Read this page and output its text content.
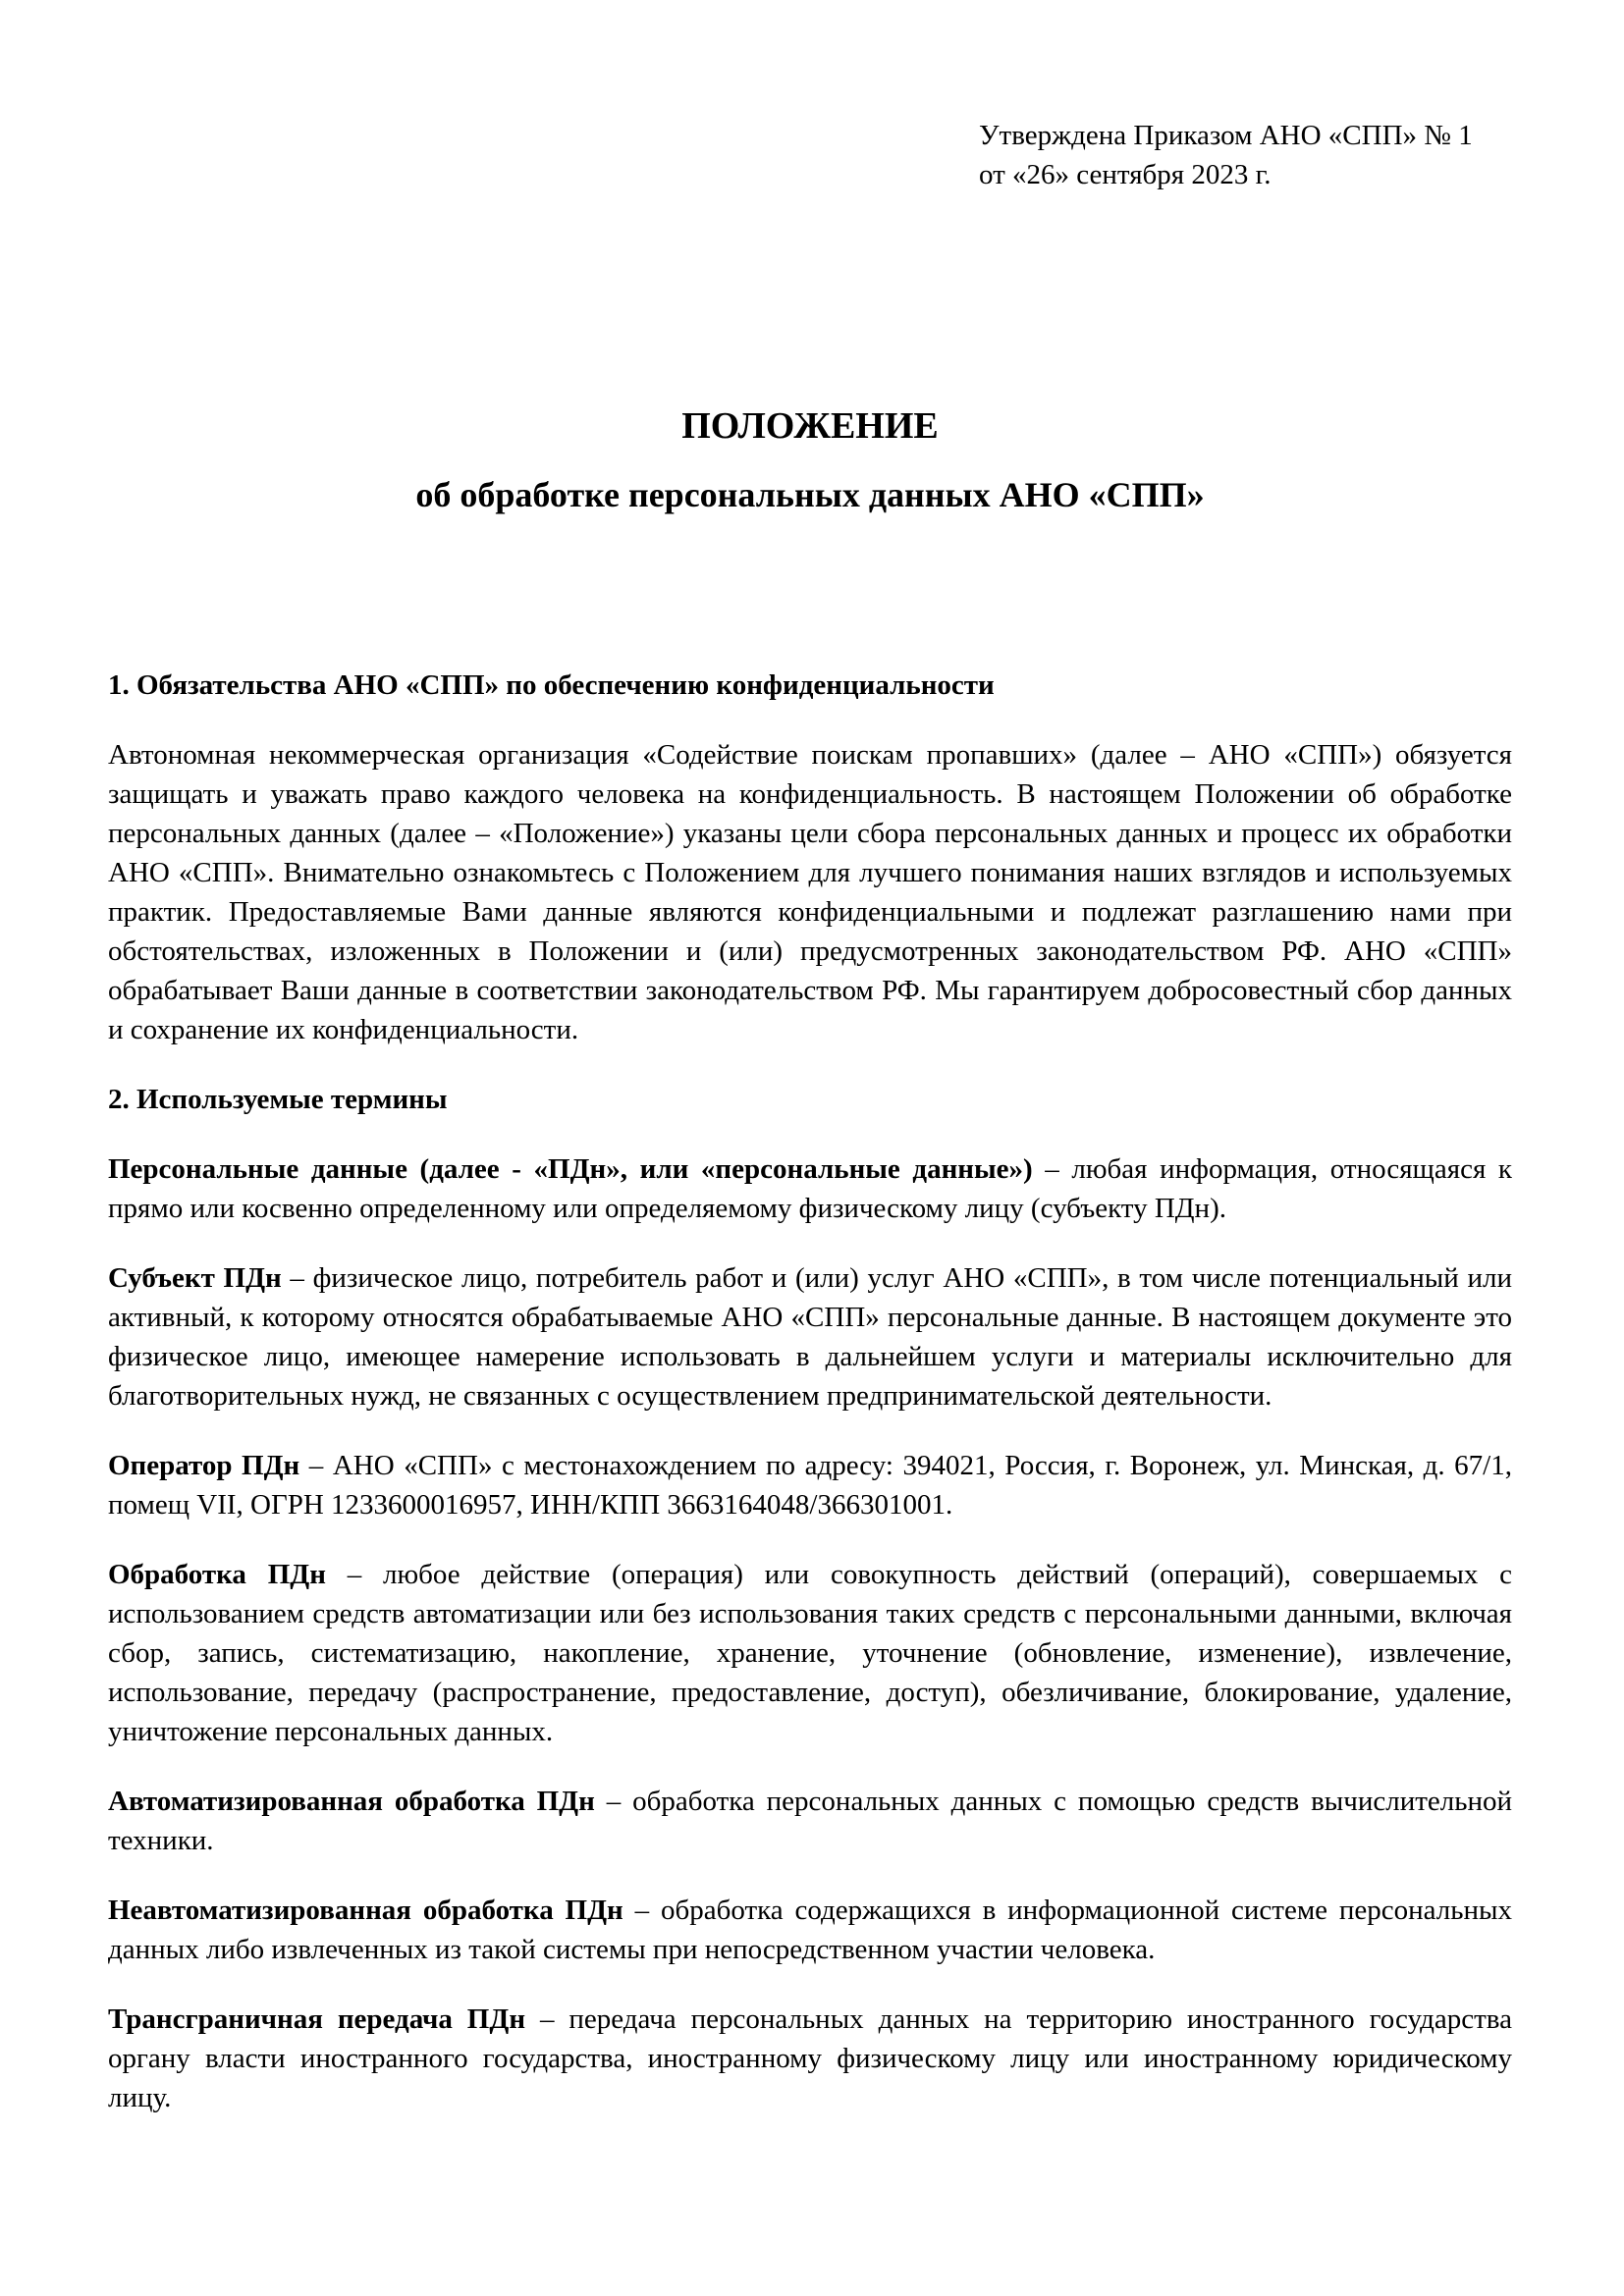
Утверждена Приказом АНО «СПП» № 1
от «26» сентября 2023 г.
ПОЛОЖЕНИЕ
об обработке персональных данных АНО «СПП»
1. Обязательства АНО «СПП» по обеспечению конфиденциальности

Автономная некоммерческая организация «Содействие поискам пропавших» (далее – АНО «СПП») обязуется защищать и уважать право каждого человека на конфиденциальность. В настоящем Положении об обработке персональных данных (далее – «Положение») указаны цели сбора персональных данных и процесс их обработки АНО «СПП». Внимательно ознакомьтесь с Положением для лучшего понимания наших взглядов и используемых практик. Предоставляемые Вами данные являются конфиденциальными и подлежат разглашению нами при обстоятельствах, изложенных в Положении и (или) предусмотренных законодательством РФ. АНО «СПП» обрабатывает Ваши данные в соответствии законодательством РФ. Мы гарантируем добросовестный сбор данных и сохранение их конфиденциальности.

2. Используемые термины

Персональные данные (далее - «ПДн», или «персональные данные») – любая информация, относящаяся к прямо или косвенно определенному или определяемому физическому лицу (субъекту ПДн).

Субъект ПДн – физическое лицо, потребитель работ и (или) услуг АНО «СПП», в том числе потенциальный или активный, к которому относятся обрабатываемые АНО «СПП» персональные данные. В настоящем документе это физическое лицо, имеющее намерение использовать в дальнейшем услуги и материалы исключительно для благотворительных нужд, не связанных с осуществлением предпринимательской деятельности.

Оператор ПДн – АНО «СПП» с местонахождением по адресу: 394021, Россия, г. Воронеж, ул. Минская, д. 67/1, помещ VII, ОГРН 1233600016957, ИНН/КПП 3663164048/366301001.

Обработка ПДн – любое действие (операция) или совокупность действий (операций), совершаемых с использованием средств автоматизации или без использования таких средств с персональными данными, включая сбор, запись, систематизацию, накопление, хранение, уточнение (обновление, изменение), извлечение, использование, передачу (распространение, предоставление, доступ), обезличивание, блокирование, удаление, уничтожение персональных данных.

Автоматизированная обработка ПДн – обработка персональных данных с помощью средств вычислительной техники.

Неавтоматизированная обработка ПДн – обработка содержащихся в информационной системе персональных данных либо извлеченных из такой системы при непосредственном участии человека.

Трансграничная передача ПДн – передача персональных данных на территорию иностранного государства органу власти иностранного государства, иностранному физическому лицу или иностранному юридическому лицу.
